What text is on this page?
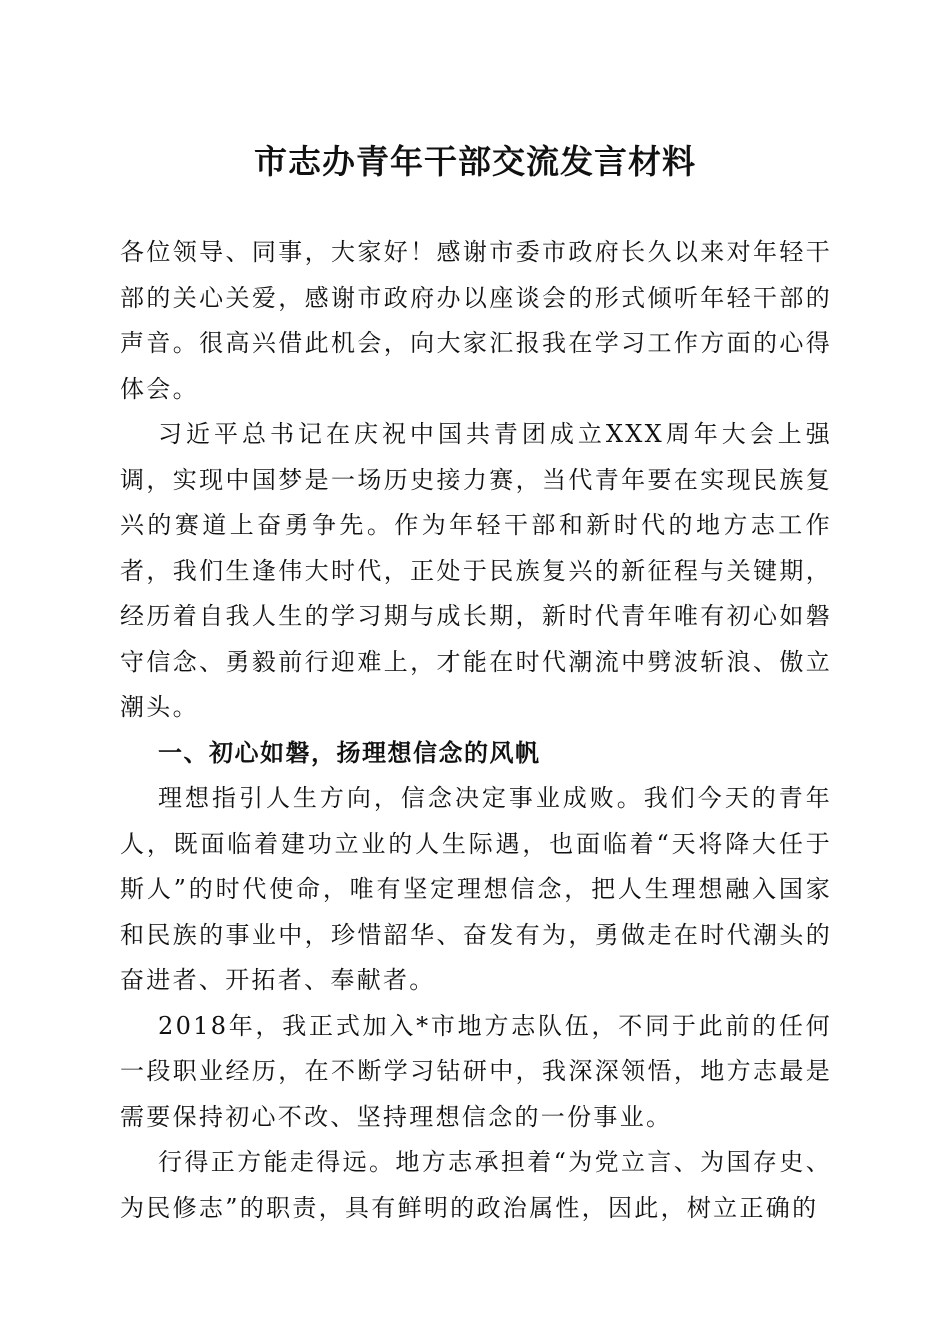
市志办青年干部交流发言材料

各位领导、同事，大家好！感谢市委市政府长久以来对年轻干部的关心关爱，感谢市政府办以座谈会的形式倾听年轻干部的声音。很高兴借此机会，向大家汇报我在学习工作方面的心得体会。

习近平总书记在庆祝中国共青团成立XXX周年大会上强调，实现中国梦是一场历史接力赛，当代青年要在实现民族复兴的赛道上奋勇争先。作为年轻干部和新时代的地方志工作者，我们生逢伟大时代，正处于民族复兴的新征程与关键期，经历着自我人生的学习期与成长期，新时代青年唯有初心如磐守信念、勇毅前行迎难上，才能在时代潮流中劈波斩浪、傲立潮头。

一、初心如磐，扬理想信念的风帆

理想指引人生方向，信念决定事业成败。我们今天的青年人，既面临着建功立业的人生际遇，也面临着“天将降大任于斯人”的时代使命，唯有坚定理想信念，把人生理想融入国家和民族的事业中，珍惜韶华、奋发有为，勇做走在时代潮头的奋进者、开拓者、奉献者。

2018年，我正式加入*市地方志队伍，不同于此前的任何一段职业经历，在不断学习钻研中，我深深领悟，地方志最是需要保持初心不改、坚持理想信念的一份事业。

行得正方能走得远。地方志承担着“为党立言、为国存史、为民修志”的职责，具有鲜明的政治属性，因此，树立正确的
